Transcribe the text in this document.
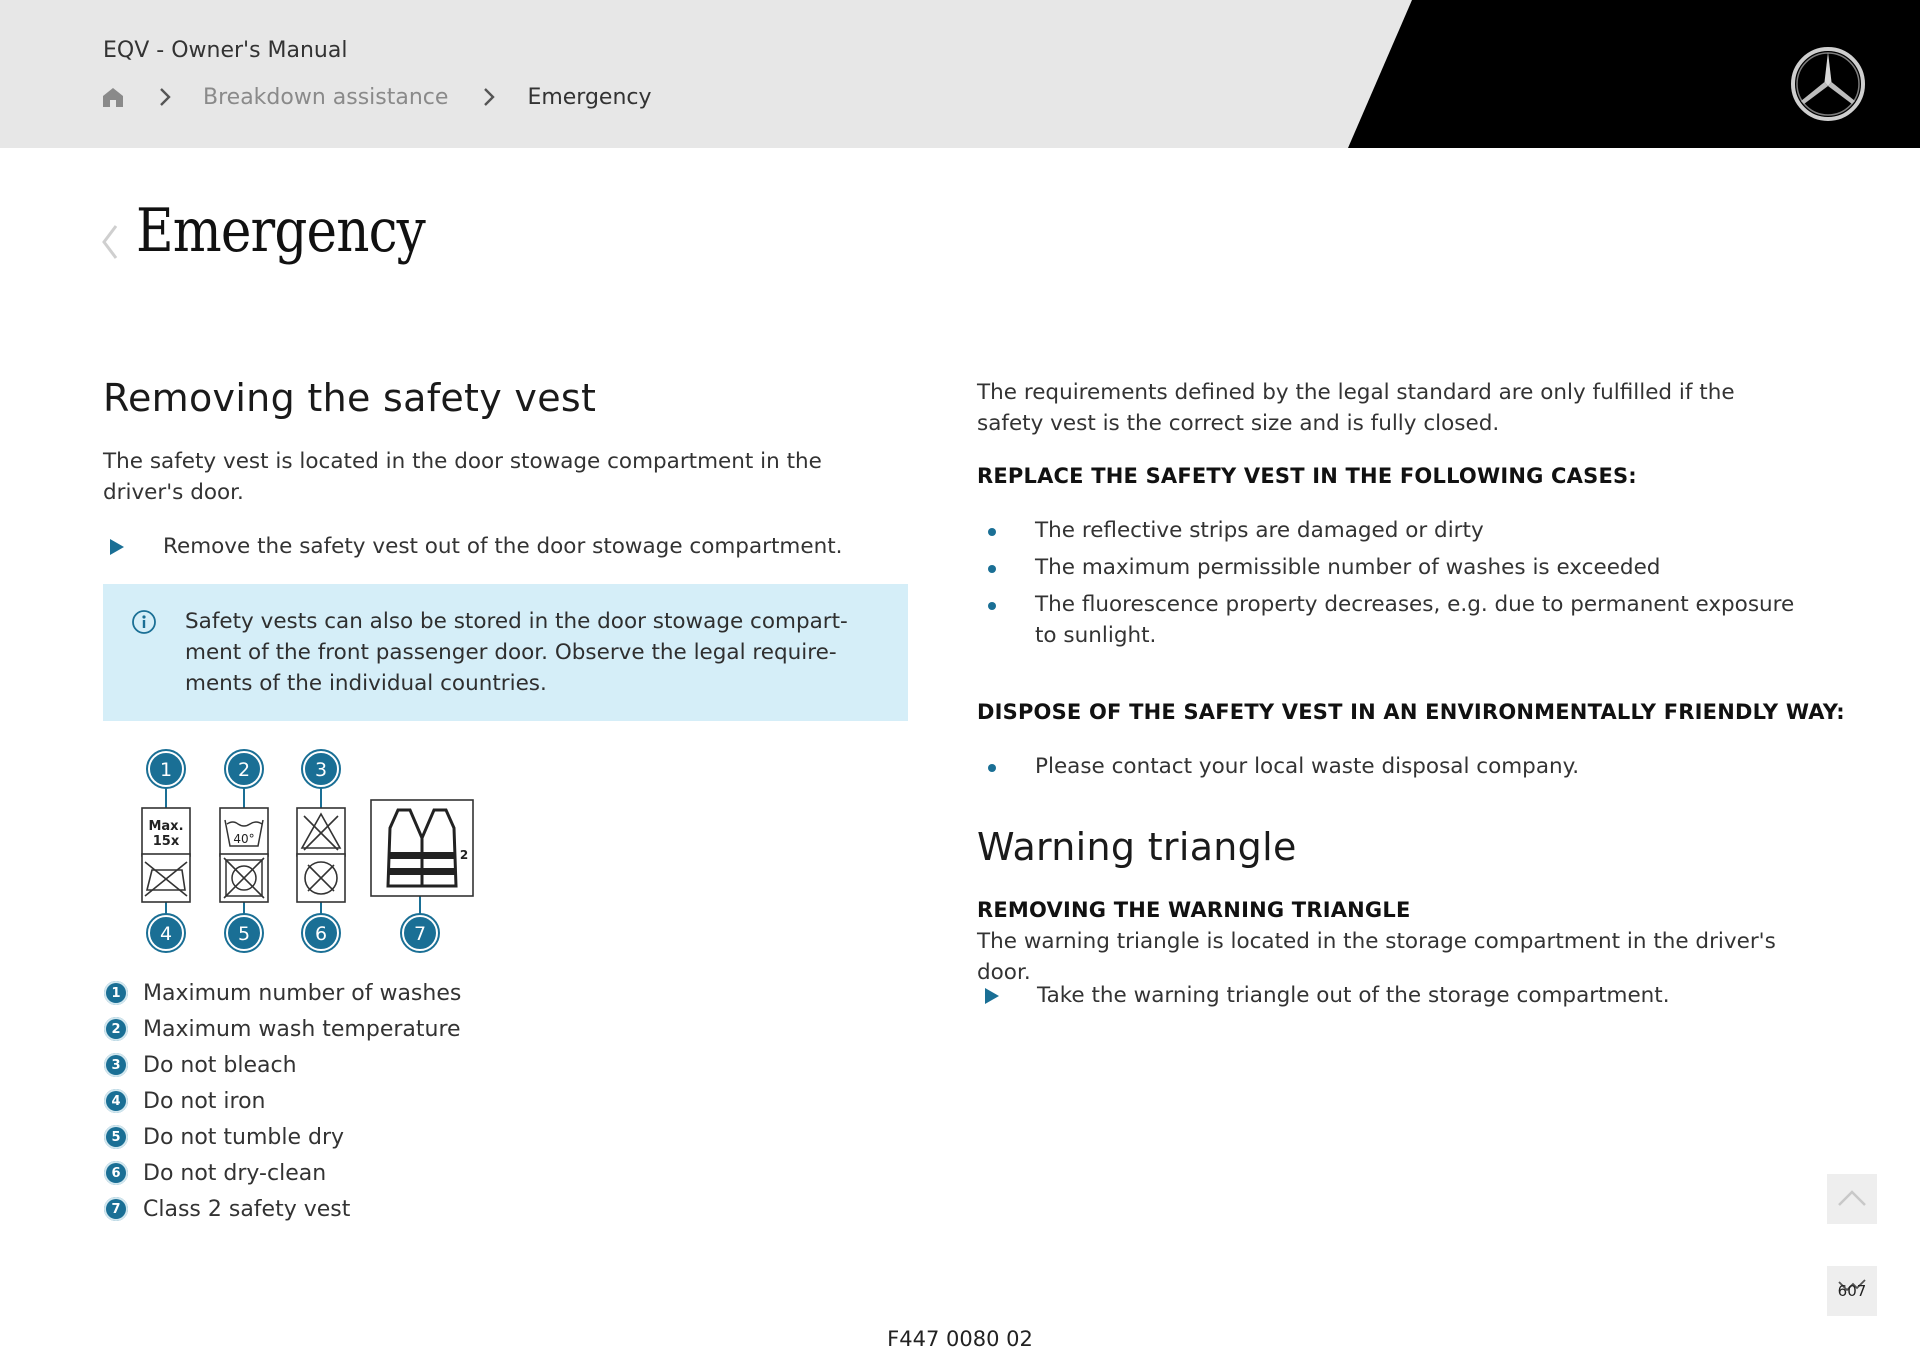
EQV - Owner's Manual
Breakdown assistance	Emergency
Emergency
Removing the safety vest

The safety vest is located in the door stowage compartment in the driver's door.

Remove the safety vest out of the door stowage compartment.

Safety vests can also be stored in the door stowage compart-ment of the front passenger door. Observe the legal require-ments of the individual countries.

1	2	3
Max.
15x	40°
2
4	5	6	7
1	Maximum number of washes
2	Maximum wash temperature
3	Do not bleach
4	Do not iron
5	Do not tumble dry
6	Do not dry-clean
7	Class 2 safety vest

The requirements defined by the legal standard are only fulfilled if the safety vest is the correct size and is fully closed.

REPLACE THE SAFETY VEST IN THE FOLLOWING CASES:

The reflective strips are damaged or dirty
The maximum permissible number of washes is exceeded
The fluorescence property decreases, e.g. due to permanent exposure to sunlight.

DISPOSE OF THE SAFETY VEST IN AN ENVIRONMENTALLY FRIENDLY WAY:

Please contact your local waste disposal company.
Warning triangle

REMOVING THE WARNING TRIANGLE

The warning triangle is located in the storage compartment in the driver's door.

Take the warning triangle out of the storage compartment.
607
F447 0080 02
